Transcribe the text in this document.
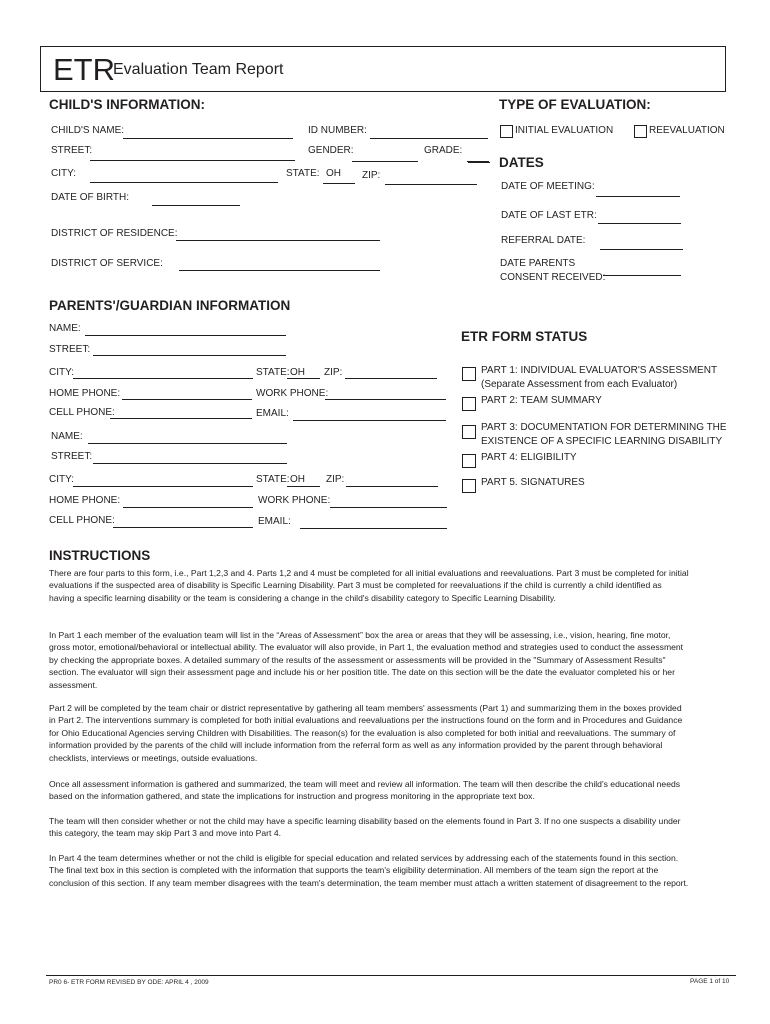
ETR
Evaluation Team Report
CHILD'S INFORMATION:
CHILD'S NAME:	ID NUMBER:
STREET:	GENDER:	GRADE:
CITY:	STATE: OH ZIP:
DATE OF BIRTH:
DISTRICT OF RESIDENCE:
DISTRICT OF SERVICE:
TYPE OF EVALUATION:
INITIAL EVALUATION	REEVALUATION
DATES
DATE OF MEETING:
DATE OF LAST ETR:
REFERRAL DATE:
DATE PARENTS
CONSENT RECEIVED:
PARENTS'/GUARDIAN INFORMATION
NAME:
STREET:
CITY:	STATE: OH ZIP:
HOME PHONE:	WORK PHONE:
CELL PHONE:	EMAIL:
NAME:
STREET:
CITY:	STATE: OH ZIP:
HOME PHONE:	WORK PHONE:
CELL PHONE:	EMAIL:
ETR FORM STATUS
PART 1: INDIVIDUAL EVALUATOR'S ASSESSMENT
(Separate Assessment from each Evaluator)
PART 2: TEAM SUMMARY
PART 3: DOCUMENTATION FOR DETERMINING THE
EXISTENCE OF A SPECIFIC LEARNING DISABILITY
PART 4: ELIGIBILITY
PART 5. SIGNATURES
INSTRUCTIONS
There are four parts to this form, i.e., Part 1,2,3 and 4. Parts 1,2 and 4 must be completed for all initial evaluations and reevaluations. Part 3 must be completed for initial evaluations if the suspected area of disability is Specific Learning Disability. Part 3 must be completed for reevaluations if the child is currently a child identified as having a specific learning disability or the team is considering a change in the child's disability category to Specific Learning Disability.
In Part 1 each member of the evaluation team will list in the “Areas of Assessment” box the area or areas that they will be assessing, i.e., vision, hearing, fine motor, gross motor, emotional/behavioral or intellectual ability. The evaluator will also provide, in Part 1, the evaluation method and strategies used to conduct the assessment by checking the appropriate boxes. A detailed summary of the results of the assessment or assessments will be provided in the "Summary of Assessment Results" section. The evaluator will sign their assessment page and include his or her position title. The date on this section will be the date the evaluator completed his or her assessment.
Part 2 will be completed by the team chair or district representative by gathering all team members' assessments (Part 1) and summarizing them in the boxes provided in Part 2. The interventions summary is completed for both initial evaluations and reevaluations per the instructions found on the form and in Procedures and Guidance for Ohio Educational Agencies serving Children with Disabilities. The reason(s) for the evaluation is also completed for both initial and reevaluations. The summary of information provided by the parents of the child will include information from the referral form as well as any information provided by the parent through behavioral checklists, interviews or meetings, outside evaluations.
Once all assessment information is gathered and summarized, the team will meet and review all information. The team will then describe the child's educational needs based on the information gathered, and state the implications for instruction and progress monitoring in the appropriate text box.
The team will then consider whether or not the child may have a specific learning disability based on the elements found in Part 3. If no one suspects a disability under this category, the team may skip Part 3 and move into Part 4.
In Part 4 the team determines whether or not the child is eligible for special education and related services by addressing each of the statements found in this section. The final text box in this section is completed with the information that supports the team's eligibility determination. All members of the team sign the report at the conclusion of this section. If any team member disagrees with the team's determination, the team member must attach a written statement of disagreement to the report.
PR0 6- ETR FORM REVISED BY ODE: APRIL 4 , 2009	PAGE 1 of 10
